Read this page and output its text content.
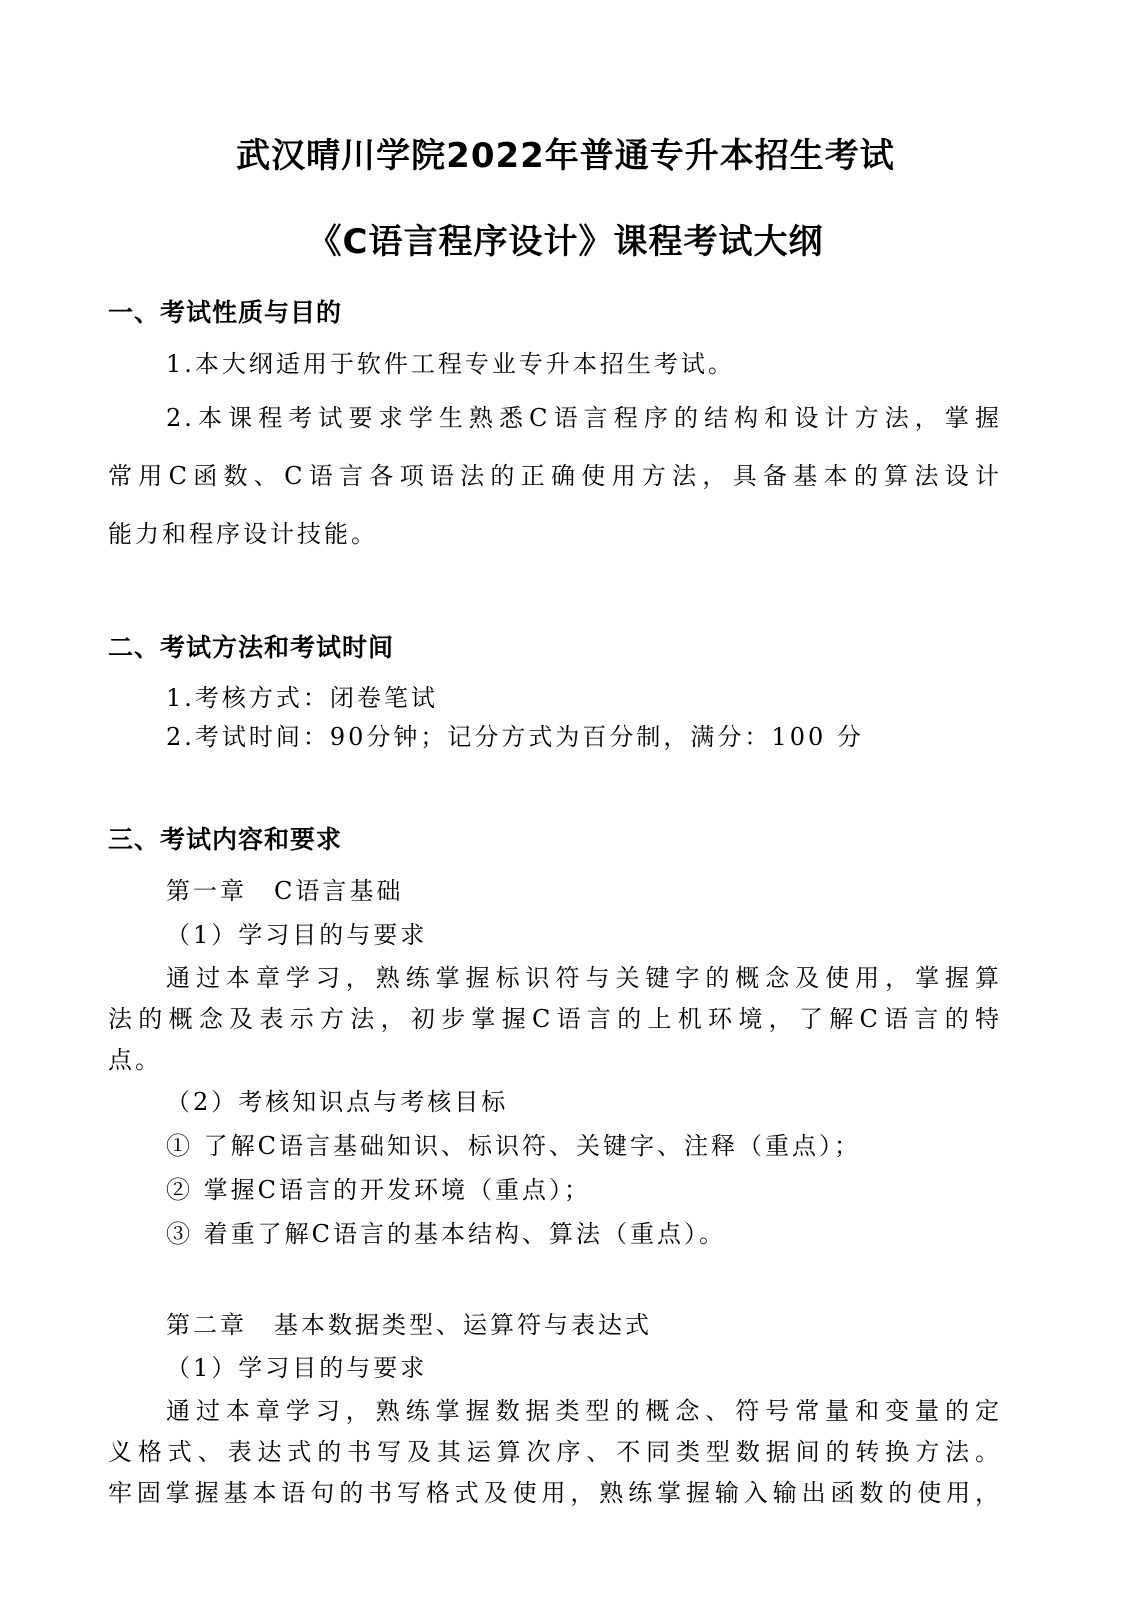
武汉晴川学院2022年普通专升本招生考试
《C语言程序设计》课程考试大纲
一、考试性质与目的
1.本大纲适用于软件工程专业专升本招生考试。
2.本课程考试要求学生熟悉C语言程序的结构和设计方法，掌握
常用C函数、C语言各项语法的正确使用方法，具备基本的算法设计
能力和程序设计技能。
二、考试方法和考试时间
1.考核方式：闭卷笔试
2.考试时间：90分钟；记分方式为百分制，满分：100 分
三、考试内容和要求
第一章　C语言基础
（1）学习目的与要求
通过本章学习，熟练掌握标识符与关键字的概念及使用，掌握算
法的概念及表示方法，初步掌握C语言的上机环境，了解C语言的特
点。
（2）考核知识点与考核目标
① 了解C语言基础知识、标识符、关键字、注释（重点）；
② 掌握C语言的开发环境（重点）；
③ 着重了解C语言的基本结构、算法（重点）。
第二章　基本数据类型、运算符与表达式
（1）学习目的与要求
通过本章学习，熟练掌握数据类型的概念、符号常量和变量的定
义格式、表达式的书写及其运算次序、不同类型数据间的转换方法。
牢固掌握基本语句的书写格式及使用，熟练掌握输入输出函数的使用，
